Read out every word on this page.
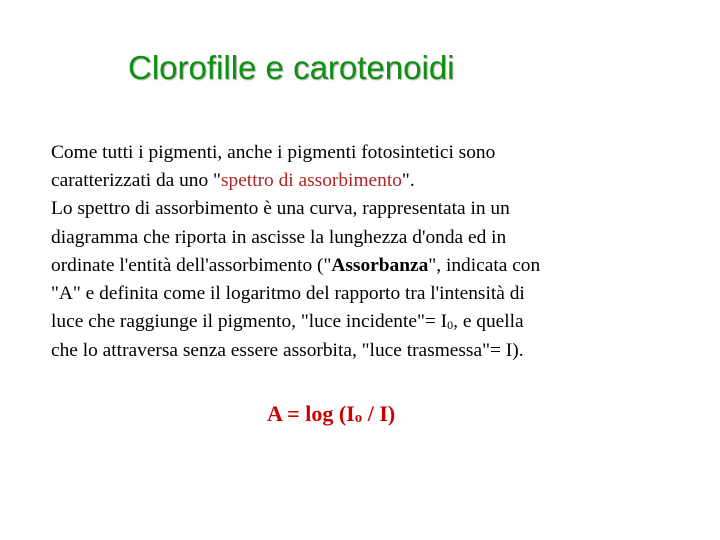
Clorofille e carotenoidi
Come tutti i pigmenti, anche i pigmenti fotosintetici sono
caratterizzati da uno "spettro di assorbimento".
Lo spettro di assorbimento è una curva, rappresentata in un
diagramma che riporta in ascisse la lunghezza d'onda ed in
ordinate l'entità dell'assorbimento ("Assorbanza", indicata con
"A" e definita come il logaritmo del rapporto tra l'intensità di
luce che raggiunge il pigmento, "luce incidente"= I0, e quella
che lo attraversa senza essere assorbita, "luce trasmessa"= I).
A = log (Io / I)
